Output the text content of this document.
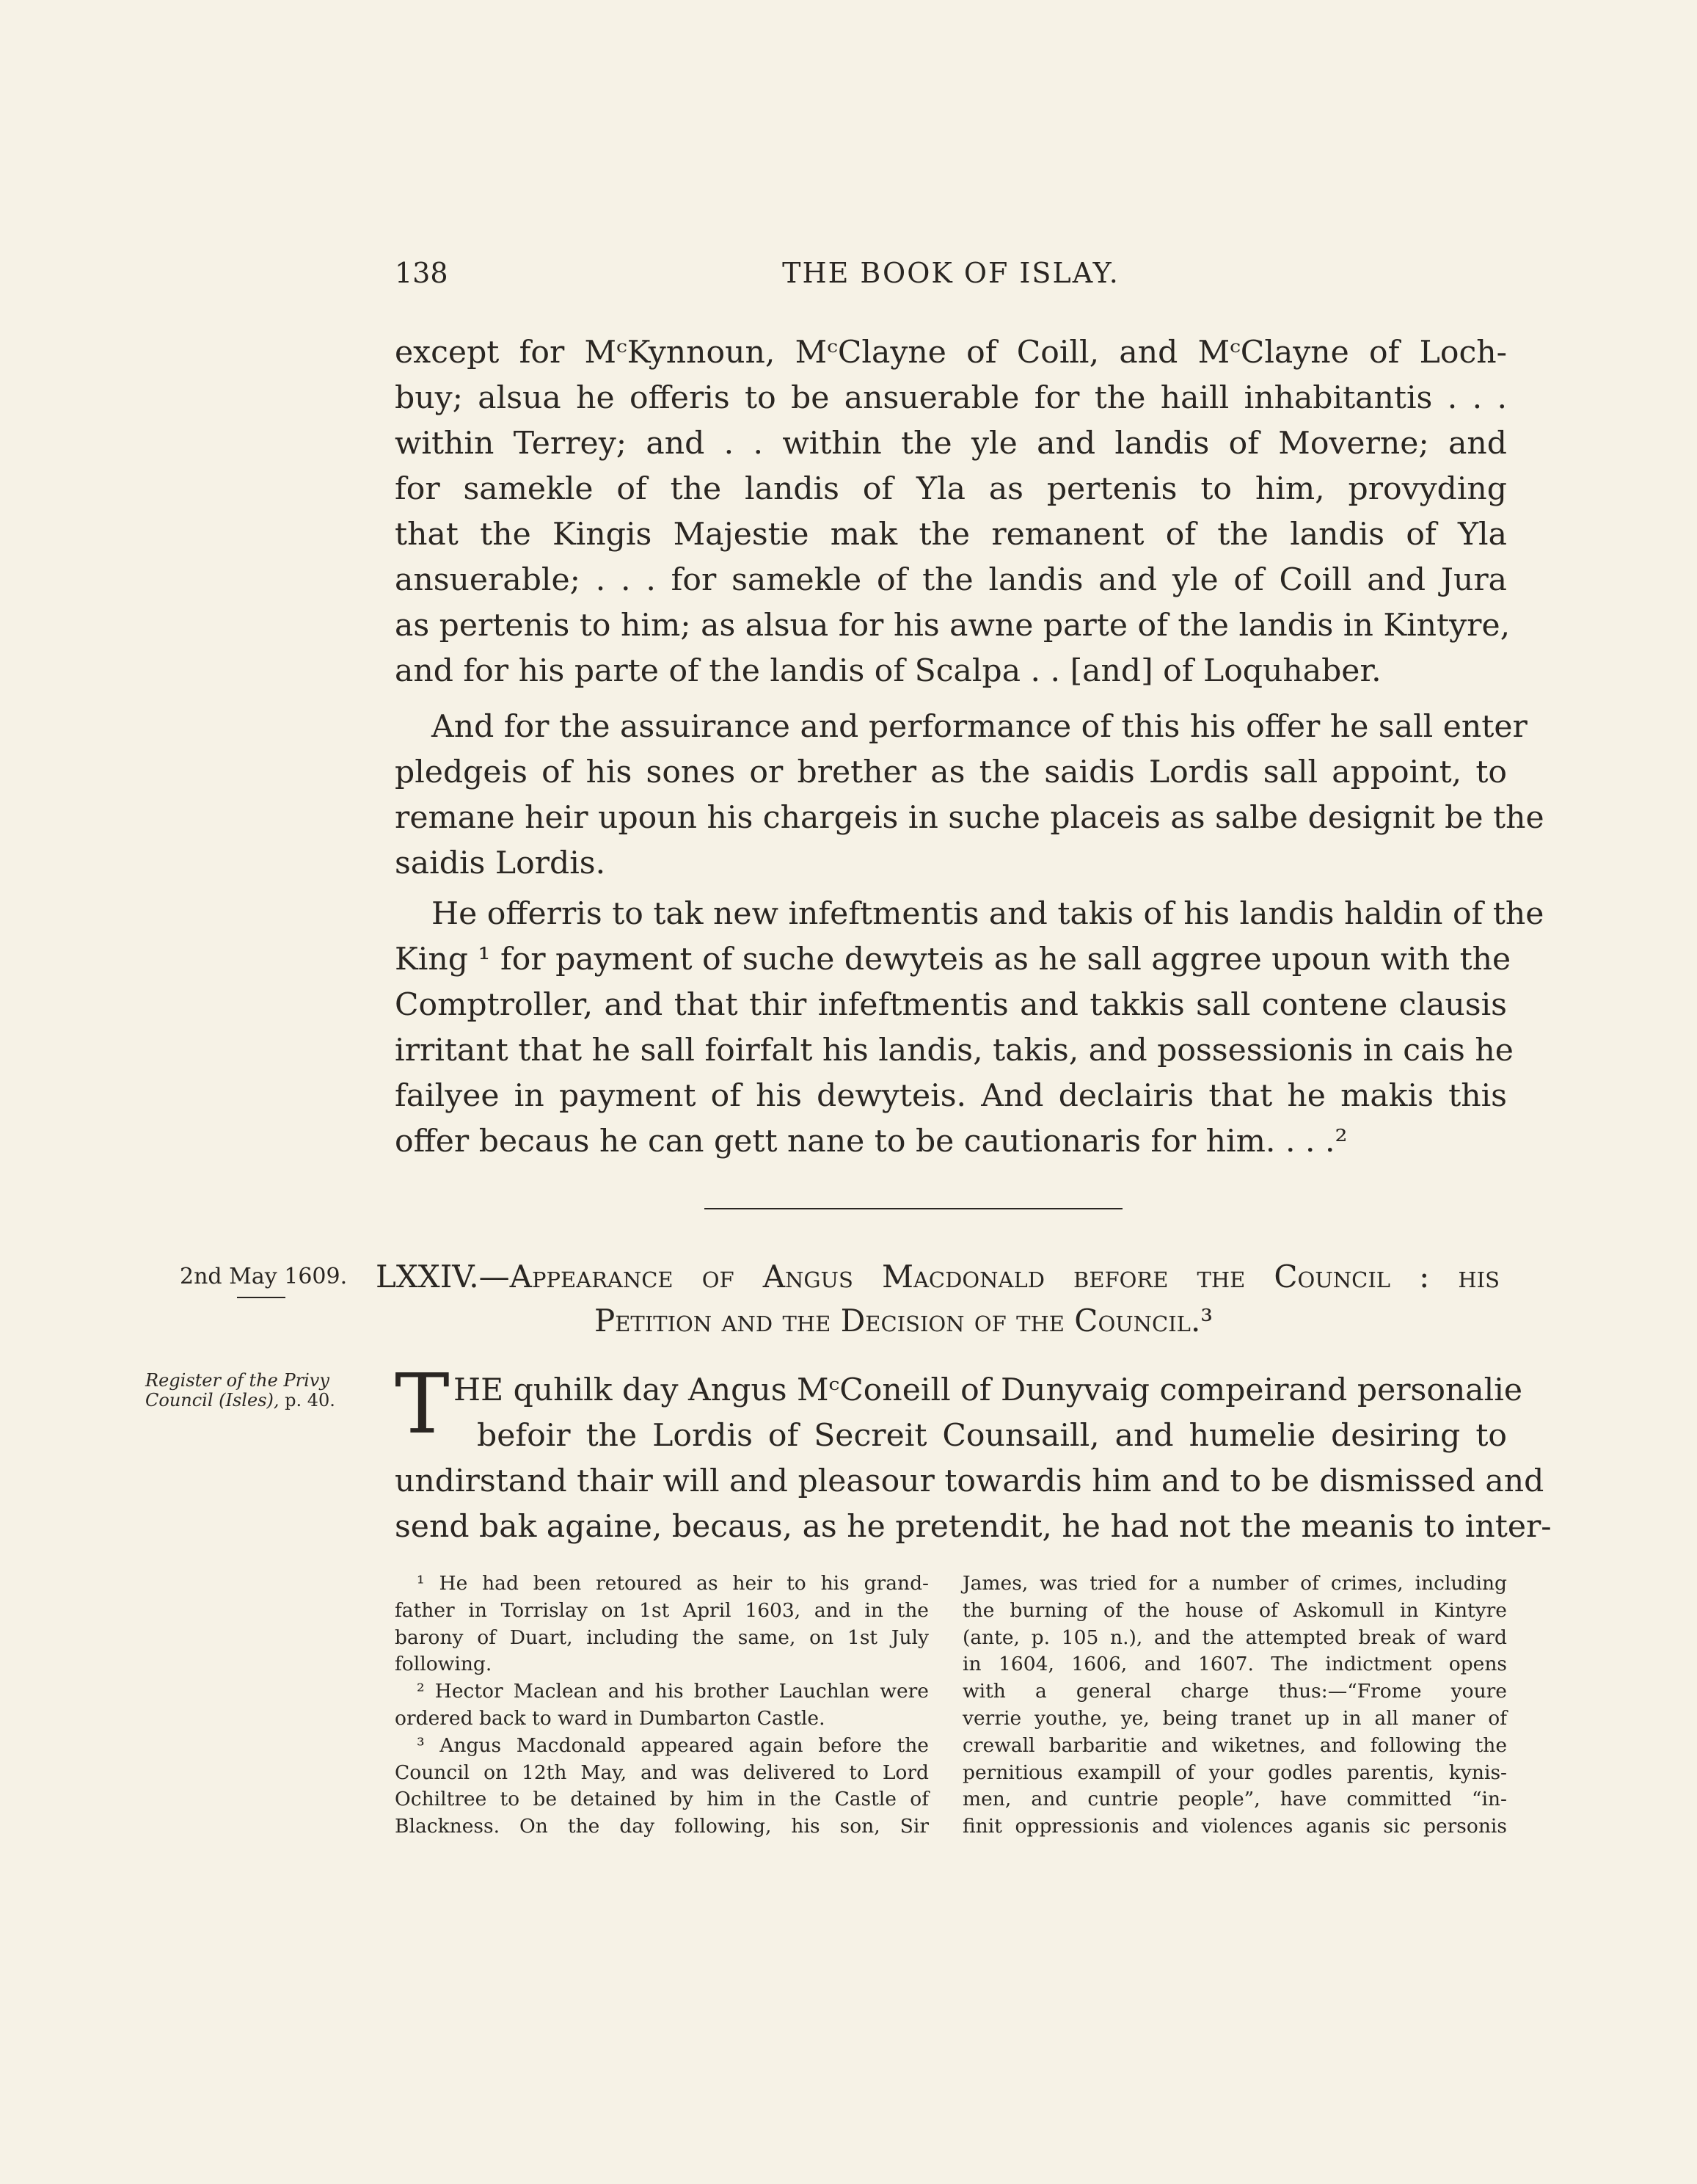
138	THE BOOK OF ISLAY.
except for MᶜKynnoun, MᶜClayne of Coill, and MᶜClayne of Loch-
buy; alsua he offeris to be ansuerable for the haill inhabitantis . . .
within Terrey; and . . within the yle and landis of Moverne; and
for samekle of the landis of Yla as pertenis to him, provyding
that the Kingis Majestie mak the remanent of the landis of Yla
ansuerable; . . . for samekle of the landis and yle of Coill and Jura
as pertenis to him; as alsua for his awne parte of the landis in Kintyre,
and for his parte of the landis of Scalpa . . [and] of Loquhaber.
And for the assuirance and performance of this his offer he sall enter
pledgeis of his sones or brether as the saidis Lordis sall appoint, to
remane heir upoun his chargeis in suche placeis as salbe designit be the
saidis Lordis.
He offerris to tak new infeftmentis and takis of his landis haldin of the
King ¹ for payment of suche dewyteis as he sall aggree upoun with the
Comptroller, and that thir infeftmentis and takkis sall contene clausis
irritant that he sall foirfalt his landis, takis, and possessionis in cais he
failyee in payment of his dewyteis. And declairis that he makis this
offer becaus he can gett nane to be cautionaris for him. . . .²
2nd May 1609.
Register of the Privy Council (Isles), p. 40.
LXXIV.—Appearance of Angus Macdonald before the Council : his
Petition and the Decision of the Council.³
T HE quhilk day Angus MᶜConeill of Dunyvaig compeirand personalie
befoir the Lordis of Secreit Counsaill, and humelie desiring to
undirstand thair will and pleasour towardis him and to be dismissed and
send bak againe, becaus, as he pretendit, he had not the meanis to inter-
¹ He had been retoured as heir to his grand-
father in Torrislay on 1st April 1603, and in the
barony of Duart, including the same, on 1st July
following.
² Hector Maclean and his brother Lauchlan were
ordered back to ward in Dumbarton Castle.
³ Angus Macdonald appeared again before the
Council on 12th May, and was delivered to Lord
Ochiltree to be detained by him in the Castle of
Blackness. On the day following, his son, Sir
James, was tried for a number of crimes, including
the burning of the house of Askomull in Kintyre
(ante, p. 105 n.), and the attempted break of ward
in 1604, 1606, and 1607. The indictment opens
with a general charge thus:—“Frome youre
verrie youthe, ye, being tranet up in all maner of
crewall barbaritie and wiketnes, and following the
pernitious exampill of your godles parentis, kynis-
men, and cuntrie people”, have committed “in-
finit oppressionis and violences aganis sic personis
